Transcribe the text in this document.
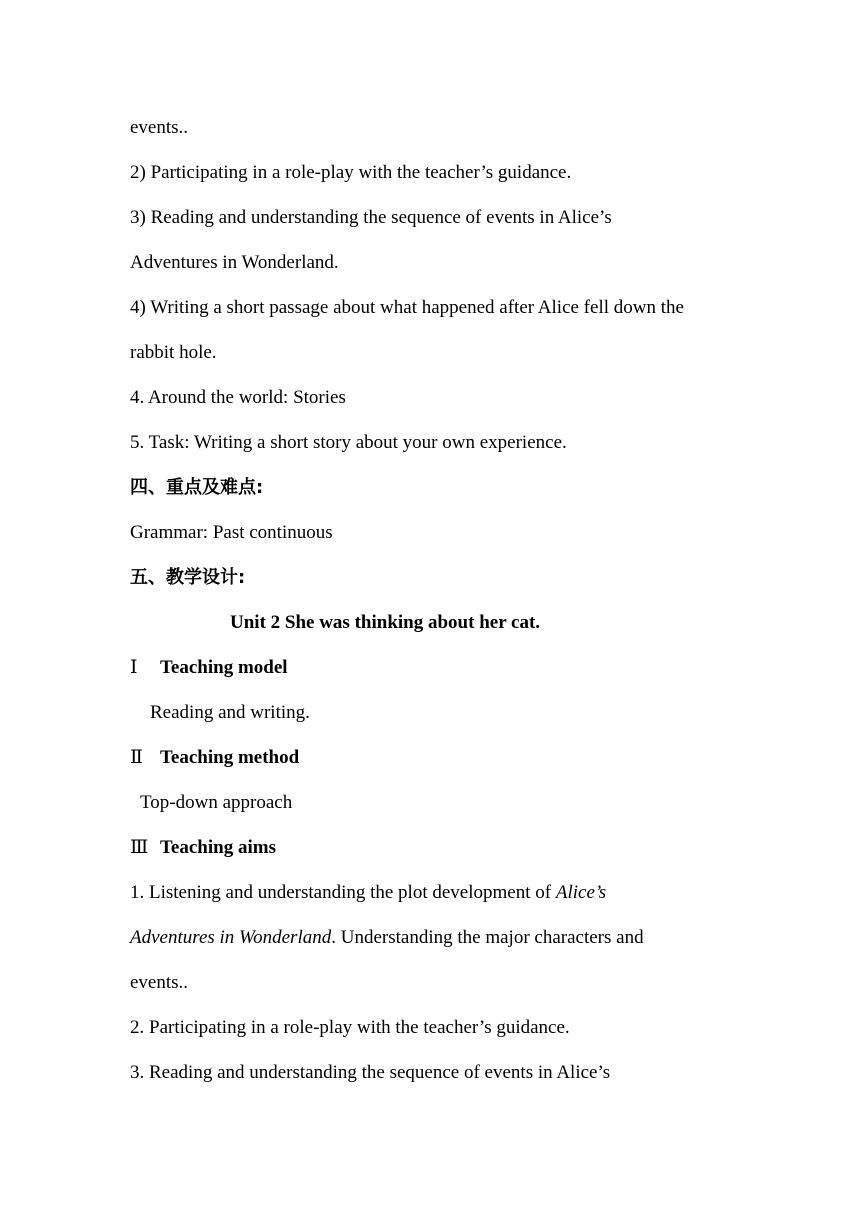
events..
2) Participating in a role-play with the teacher’s guidance.
3) Reading and understanding the sequence of events in Alice’s
Adventures in Wonderland.
4) Writing a short passage about what happened after Alice fell down the
rabbit hole.
4. Around the world: Stories
5. Task: Writing a short story about your own experience.
四、重点及难点:
Grammar: Past continuous
五、教学设计:
Unit 2 She was thinking about her cat.
Ⅰ Teaching model
Reading and writing.
Ⅱ Teaching method
Top-down approach
Ⅲ Teaching aims
1. Listening and understanding the plot development of Alice’s
Adventures in Wonderland. Understanding the major characters and
events..
2. Participating in a role-play with the teacher’s guidance.
3. Reading and understanding the sequence of events in Alice’s
